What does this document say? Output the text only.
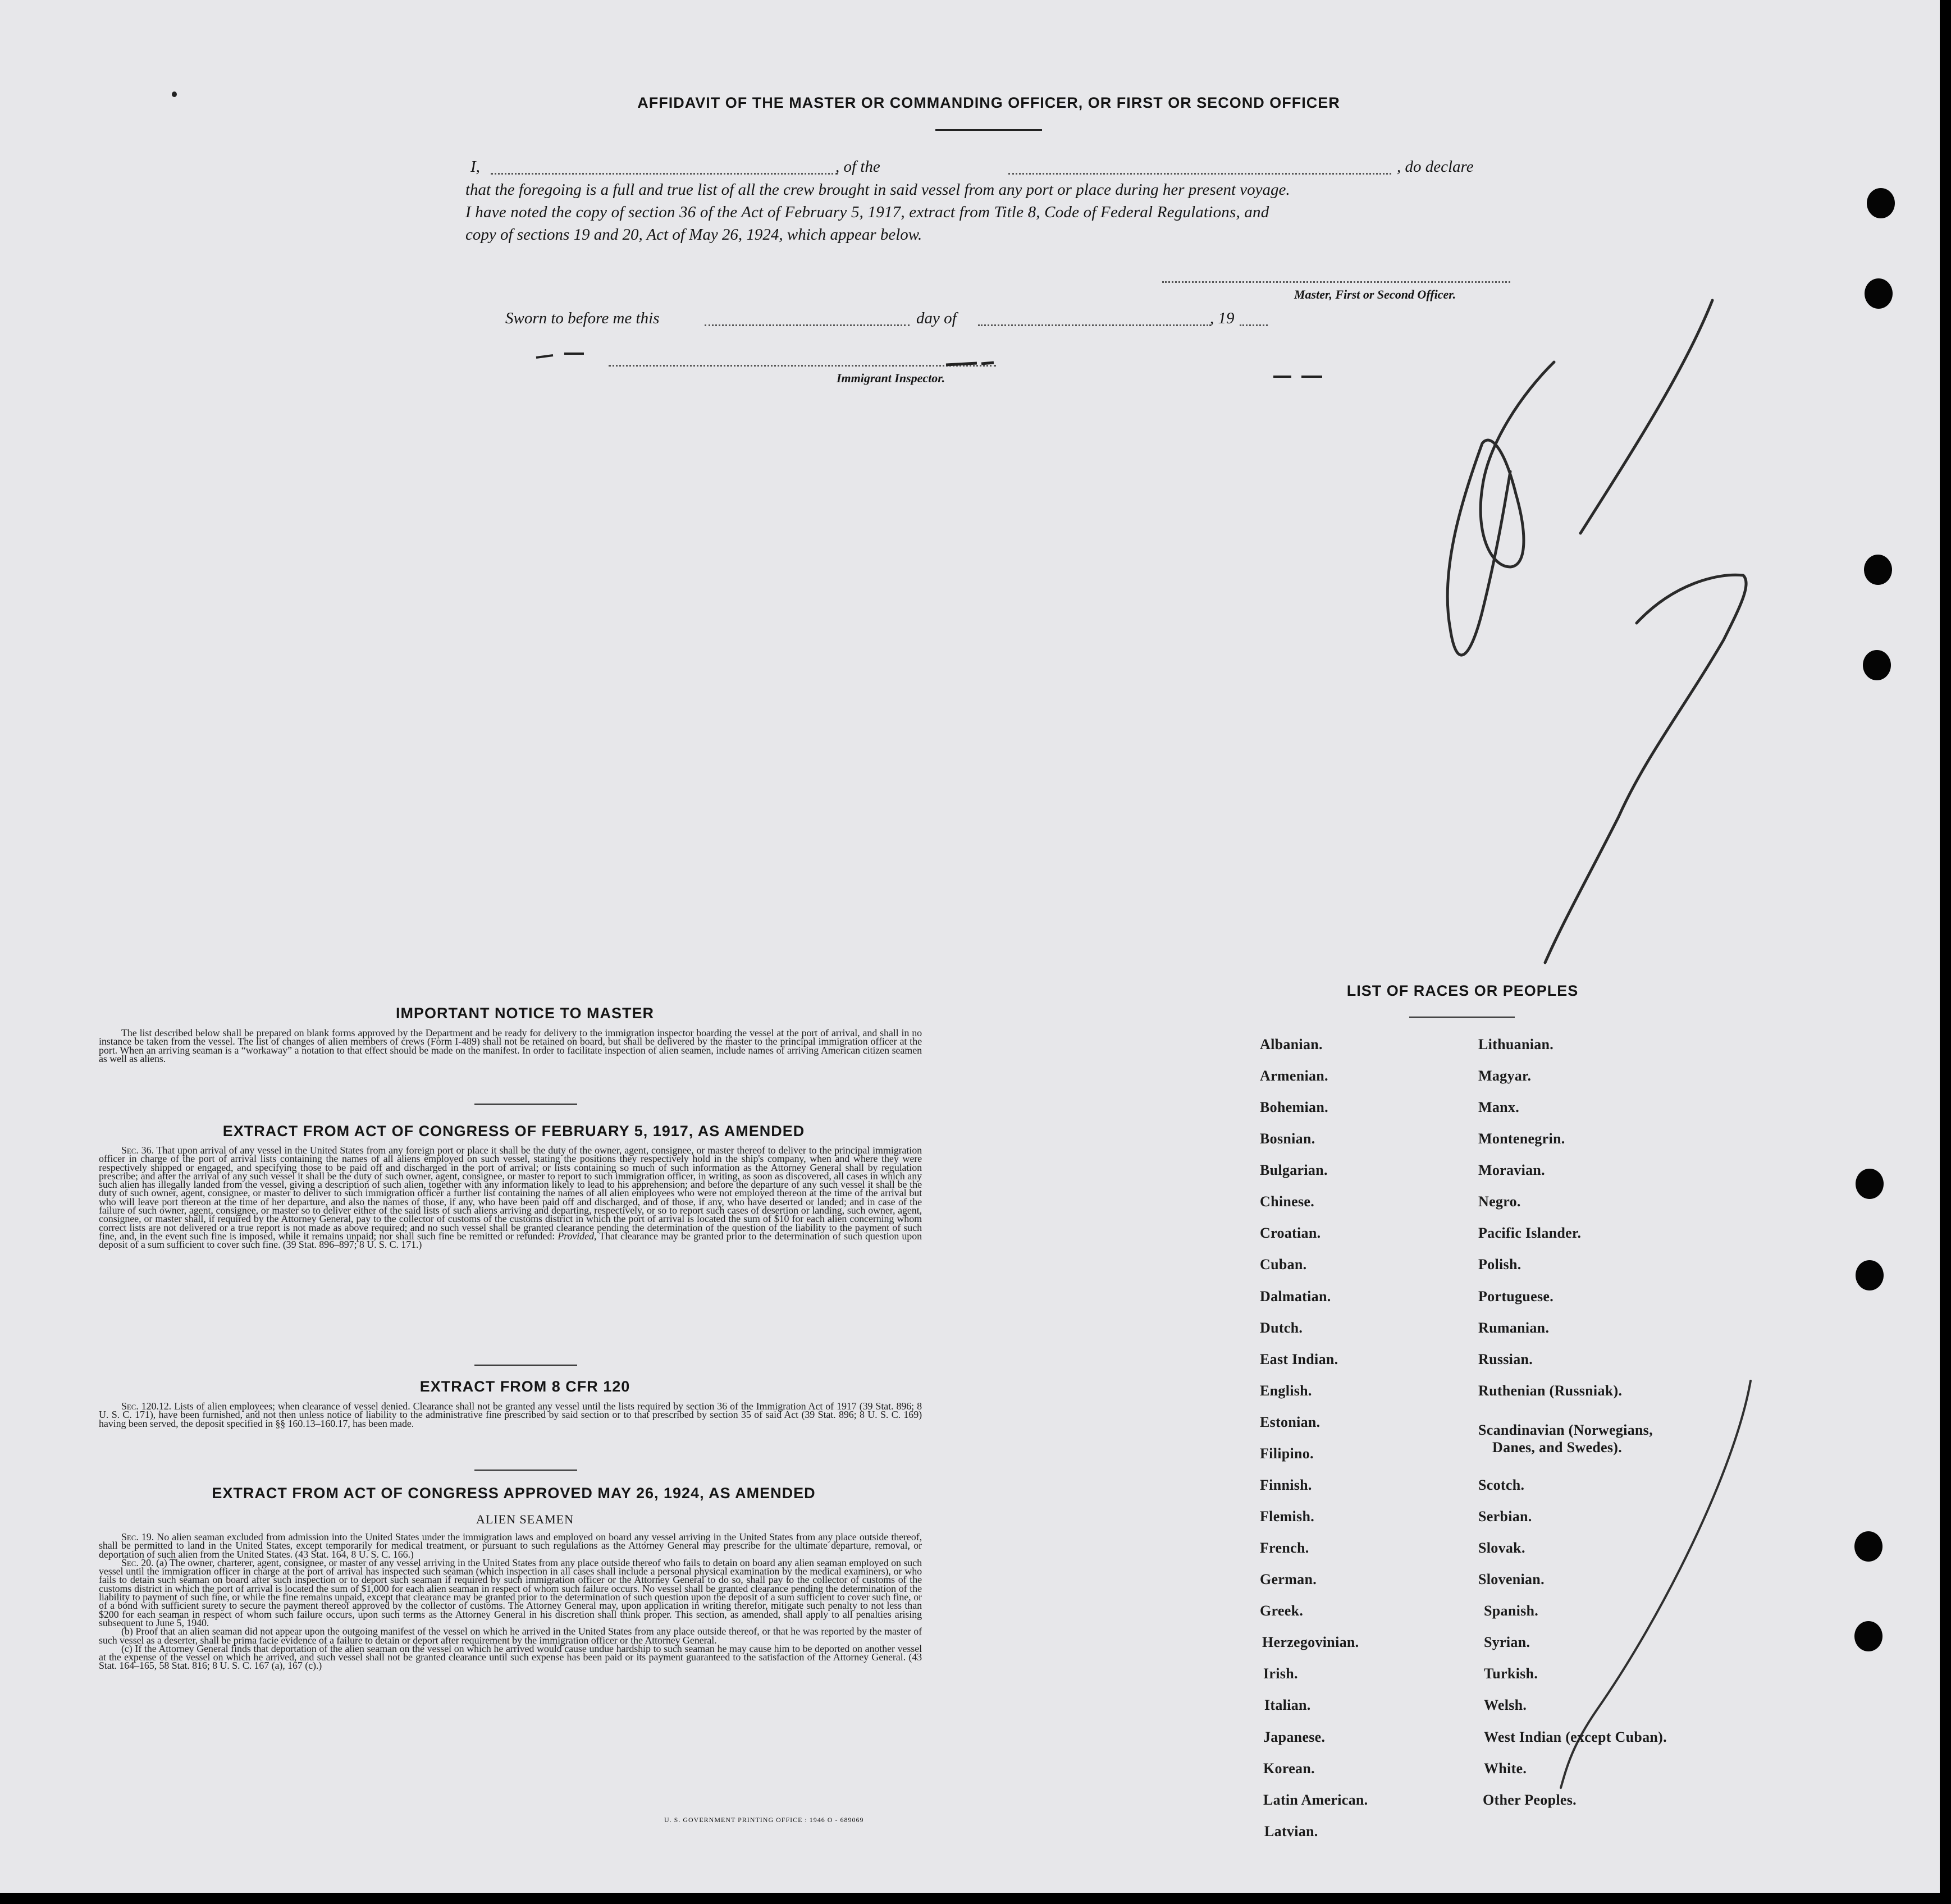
AFFIDAVIT OF THE MASTER OR COMMANDING OFFICER, OR FIRST OR SECOND OFFICER
I,	, of the	, do declare
that the foregoing is a full and true list of all the crew brought in said vessel from any port or place during her present voyage.
I have noted the copy of section 36 of the Act of February 5, 1917, extract from Title 8, Code of Federal Regulations, and
copy of sections 19 and 20, Act of May 26, 1924, which appear below.
Master, First or Second Officer.
Sworn to before me this	day of	, 19
Immigrant Inspector.
IMPORTANT NOTICE TO MASTER

The list described below shall be prepared on blank forms approved by the Department and be ready for delivery to the immigration inspector boarding the vessel at the port of arrival, and shall in no instance be taken from the vessel. The list of changes of alien members of crews (Form I-489) shall not be retained on board, but shall be delivered by the master to the principal immigration officer at the port. When an arriving seaman is a “workaway” a notation to that effect should be made on the manifest. In order to facilitate inspection of alien seamen, include names of arriving American citizen seamen as well as aliens.

EXTRACT FROM ACT OF CONGRESS OF FEBRUARY 5, 1917, AS AMENDED

Sec. 36. That upon arrival of any vessel in the United States from any foreign port or place it shall be the duty of the owner, agent, consignee, or master thereof to deliver to the principal immigration officer in charge of the port of arrival lists containing the names of all aliens employed on such vessel, stating the positions they respectively hold in the ship's company, when and where they were respectively shipped or engaged, and specifying those to be paid off and discharged in the port of arrival; or lists containing so much of such information as the Attorney General shall by regulation prescribe; and after the arrival of any such vessel it shall be the duty of such owner, agent, consignee, or master to report to such immigration officer, in writing, as soon as discovered, all cases in which any such alien has illegally landed from the vessel, giving a description of such alien, together with any information likely to lead to his apprehension; and before the departure of any such vessel it shall be the duty of such owner, agent, consignee, or master to deliver to such immigration officer a further list containing the names of all alien employees who were not employed thereon at the time of the arrival but who will leave port thereon at the time of her departure, and also the names of those, if any, who have been paid off and discharged, and of those, if any, who have deserted or landed; and in case of the failure of such owner, agent, consignee, or master so to deliver either of the said lists of such aliens arriving and departing, respectively, or so to report such cases of desertion or landing, such owner, agent, consignee, or master shall, if required by the Attorney General, pay to the collector of customs of the customs district in which the port of arrival is located the sum of $10 for each alien concerning whom correct lists are not delivered or a true report is not made as above required; and no such vessel shall be granted clearance pending the determination of the question of the liability to the payment of such fine, and, in the event such fine is imposed, while it remains unpaid; nor shall such fine be remitted or refunded: Provided, That clearance may be granted prior to the determination of such question upon deposit of a sum sufficient to cover such fine. (39 Stat. 896–897; 8 U. S. C. 171.)

EXTRACT FROM 8 CFR 120

Sec. 120.12. Lists of alien employees; when clearance of vessel denied. Clearance shall not be granted any vessel until the lists required by section 36 of the Immigration Act of 1917 (39 Stat. 896; 8 U. S. C. 171), have been furnished, and not then unless notice of liability to the administrative fine prescribed by said section or to that prescribed by section 35 of said Act (39 Stat. 896; 8 U. S. C. 169) having been served, the deposit specified in §§ 160.13–160.17, has been made.

EXTRACT FROM ACT OF CONGRESS APPROVED MAY 26, 1924, AS AMENDED
ALIEN SEAMEN

Sec. 19. No alien seaman excluded from admission into the United States under the immigration laws and employed on board any vessel arriving in the United States from any place outside thereof, shall be permitted to land in the United States, except temporarily for medical treatment, or pursuant to such regulations as the Attorney General may prescribe for the ultimate departure, removal, or deportation of such alien from the United States. (43 Stat. 164, 8 U. S. C. 166.)

Sec. 20. (a) The owner, charterer, agent, consignee, or master of any vessel arriving in the United States from any place outside thereof who fails to detain on board any alien seaman employed on such vessel until the immigration officer in charge at the port of arrival has inspected such seaman (which inspection in all cases shall include a personal physical examination by the medical examiners), or who fails to detain such seaman on board after such inspection or to deport such seaman if required by such immigration officer or the Attorney General to do so, shall pay to the collector of customs of the customs district in which the port of arrival is located the sum of $1,000 for each alien seaman in respect of whom such failure occurs. No vessel shall be granted clearance pending the determination of the liability to payment of such fine, or while the fine remains unpaid, except that clearance may be granted prior to the determination of such question upon the deposit of a sum sufficient to cover such fine, or of a bond with sufficient surety to secure the payment thereof approved by the collector of customs. The Attorney General may, upon application in writing therefor, mitigate such penalty to not less than $200 for each seaman in respect of whom such failure occurs, upon such terms as the Attorney General in his discretion shall think proper. This section, as amended, shall apply to all penalties arising subsequent to June 5, 1940.

(b) Proof that an alien seaman did not appear upon the outgoing manifest of the vessel on which he arrived in the United States from any place outside thereof, or that he was reported by the master of such vessel as a deserter, shall be prima facie evidence of a failure to detain or deport after requirement by the immigration officer or the Attorney General.

(c) If the Attorney General finds that deportation of the alien seaman on the vessel on which he arrived would cause undue hardship to such seaman he may cause him to be deported on another vessel at the expense of the vessel on which he arrived, and such vessel shall not be granted clearance until such expense has been paid or its payment guaranteed to the satisfaction of the Attorney General. (43 Stat. 164–165, 58 Stat. 816; 8 U. S. C. 167 (a), 167 (c).)

U. S. GOVERNMENT PRINTING OFFICE : 1946 O - 689069
LIST OF RACES OR PEOPLES
Albanian.
Armenian.
Bohemian.
Bosnian.
Bulgarian.
Chinese.
Croatian.
Cuban.
Dalmatian.
Dutch.
East Indian.
English.
Estonian.
Filipino.
Finnish.
Flemish.
French.
German.
Greek.
Herzegovinian.
Irish.
Italian.
Japanese.
Korean.
Latin American.
Latvian.
Lithuanian.
Magyar.
Manx.
Montenegrin.
Moravian.
Negro.
Pacific Islander.
Polish.
Portuguese.
Rumanian.
Russian.
Ruthenian (Russniak).
Scandinavian (Norwegians,
Danes, and Swedes).
Scotch.
Serbian.
Slovak.
Slovenian.
Spanish.
Syrian.
Turkish.
Welsh.
West Indian (except Cuban).
White.
Other Peoples.
